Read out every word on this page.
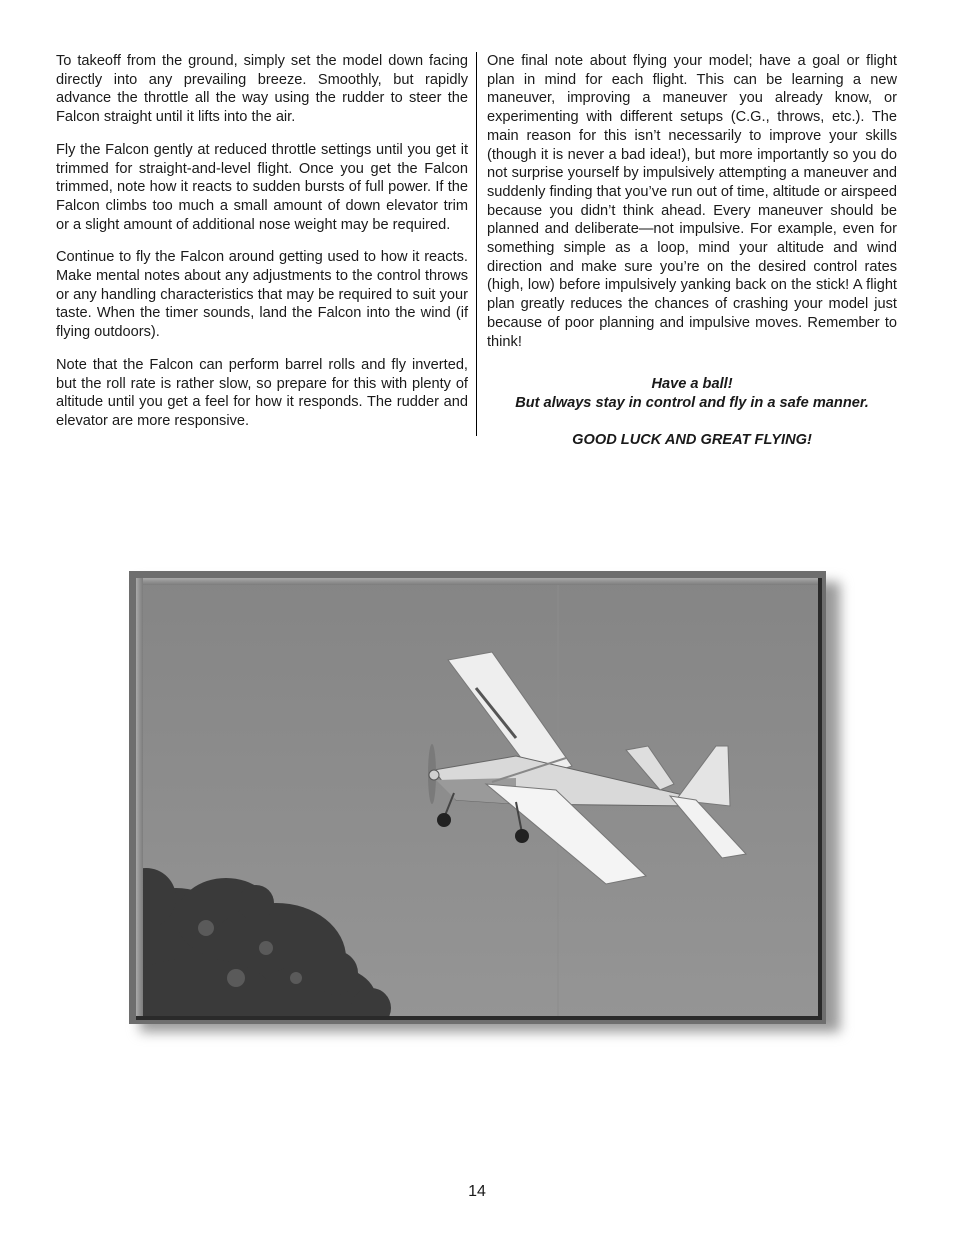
To takeoff from the ground, simply set the model down facing directly into any prevailing breeze. Smoothly, but rapidly advance the throttle all the way using the rudder to steer the Falcon straight until it lifts into the air.

Fly the Falcon gently at reduced throttle settings until you get it trimmed for straight-and-level flight. Once you get the Falcon trimmed, note how it reacts to sudden bursts of full power. If the Falcon climbs too much a small amount of down elevator trim or a slight amount of additional nose weight may be required.

Continue to fly the Falcon around getting used to how it reacts. Make mental notes about any adjustments to the control throws or any handling characteristics that may be required to suit your taste. When the timer sounds, land the Falcon into the wind (if flying outdoors).

Note that the Falcon can perform barrel rolls and fly inverted, but the roll rate is rather slow, so prepare for this with plenty of altitude until you get a feel for how it responds. The rudder and elevator are more responsive.

One final note about flying your model; have a goal or flight plan in mind for each flight. This can be learning a new maneuver, improving a maneuver you already know, or experimenting with different setups (C.G., throws, etc.). The main reason for this isn’t necessarily to improve your skills (though it is never a bad idea!), but more importantly so you do not surprise yourself by impulsively attempting a maneuver and suddenly finding that you’ve run out of time, altitude or airspeed because you didn’t think ahead. Every maneuver should be planned and deliberate—not impulsive. For example, even for something simple as a loop, mind your altitude and wind direction and make sure you’re on the desired control rates (high, low) before impulsively yanking back on the stick! A flight plan greatly reduces the chances of crashing your model just because of poor planning and impulsive moves. Remember to think!

Have a ball!
But always stay in control and fly in a safe manner.
GOOD LUCK AND GREAT FLYING!
14
